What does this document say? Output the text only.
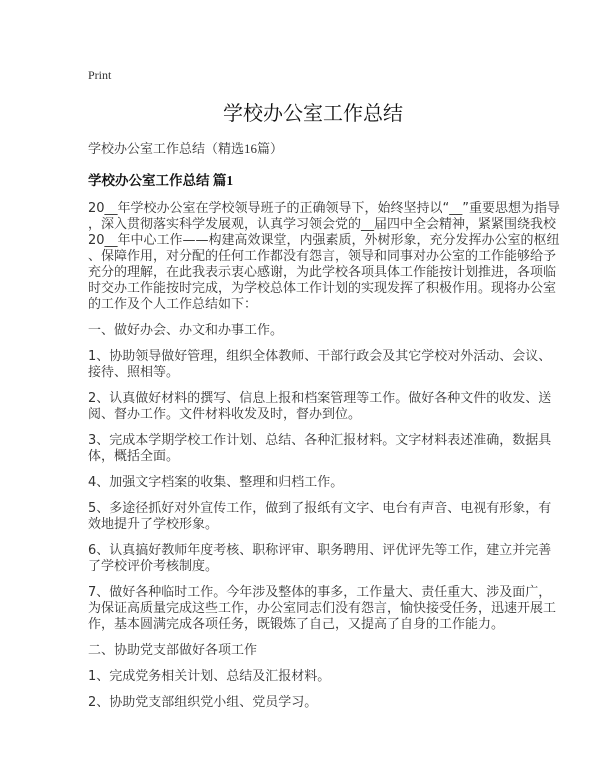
Print
学校办公室工作总结
学校办公室工作总结（精选16篇）
学校办公室工作总结 篇1
20__年学校办公室在学校领导班子的正确领导下，始终坚持以“__”重要思想为指导
，深入贯彻落实科学发展观，认真学习领会党的__届四中全会精神，紧紧围绕我校
20__年中心工作——构建高效课堂，内强素质，外树形象，充分发挥办公室的枢纽
、保障作用，对分配的任何工作都没有怨言，领导和同事对办公室的工作能够给予
充分的理解，在此我表示衷心感谢，为此学校各项具体工作能按计划推进，各项临
时交办工作能按时完成，为学校总体工作计划的实现发挥了积极作用。现将办公室
的工作及个人工作总结如下：
一、做好办会、办文和办事工作。
1、协助领导做好管理，组织全体教师、干部行政会及其它学校对外活动、会议、
接待、照相等。
2、认真做好材料的撰写、信息上报和档案管理等工作。做好各种文件的收发、送
阅、督办工作。文件材料收发及时，督办到位。
3、完成本学期学校工作计划、总结、各种汇报材料。文字材料表述准确，数据具
体，概括全面。
4、加强文字档案的收集、整理和归档工作。
5、多途径抓好对外宣传工作，做到了报纸有文字、电台有声音、电视有形象，有
效地提升了学校形象。
6、认真搞好教师年度考核、职称评审、职务聘用、评优评先等工作，建立并完善
了学校评价考核制度。
7、做好各种临时工作。今年涉及整体的事多，工作量大、责任重大、涉及面广，
为保证高质量完成这些工作，办公室同志们没有怨言，愉快接受任务，迅速开展工
作，基本圆满完成各项任务，既锻炼了自己，又提高了自身的工作能力。
二、协助党支部做好各项工作
1、完成党务相关计划、总结及汇报材料。
2、协助党支部组织党小组、党员学习。
